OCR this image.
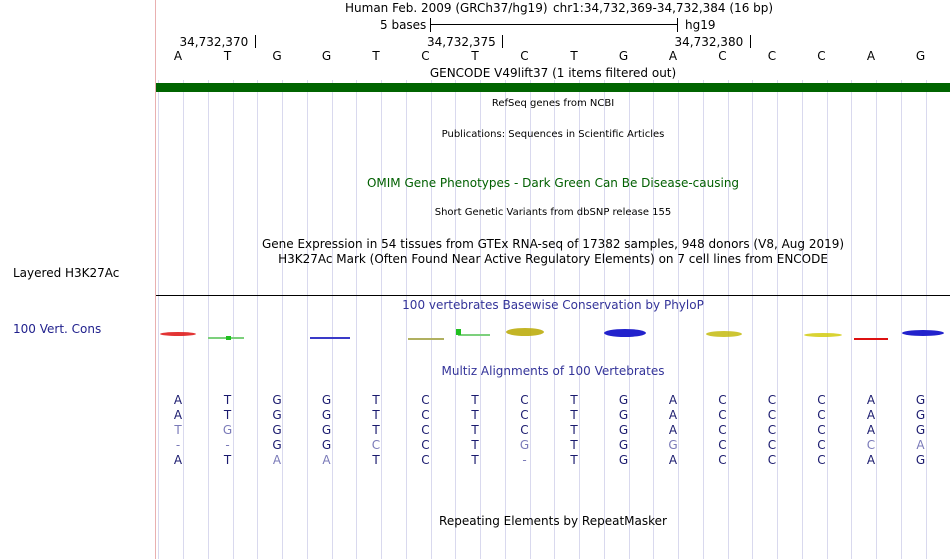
Layered H3K27Ac
100 Vert. Cons
Human Feb. 2009 (GRCh37/hg19) chr1:34,732,369-34,732,384 (16 bp)
5 bases	hg19
34,732,370	34,732,375	34,732,380
A	T	G	G	T	C	T	C	T	G	A	C	C	C	A	G
GENCODE V49lift37 (1 items filtered out)
RefSeq genes from NCBI
Publications: Sequences in Scientific Articles
OMIM Gene Phenotypes - Dark Green Can Be Disease-causing
Short Genetic Variants from dbSNP release 155
Gene Expression in 54 tissues from GTEx RNA-seq of 17382 samples, 948 donors (V8, Aug 2019)
H3K27Ac Mark (Often Found Near Active Regulatory Elements) on 7 cell lines from ENCODE
100 vertebrates Basewise Conservation by PhyloP
Multiz Alignments of 100 Vertebrates
A	T	G	G	T	C	T	C	T	G	A	C	C	C	A	G
A	T	G	G	T	C	T	C	T	G	A	C	C	C	A	G
T	G	G	G	T	C	T	C	T	G	A	C	C	C	A	G
-	-	G	G	C	C	T	G	T	G	G	C	C	C	C	A
A	T	A	A	T	C	T	-	T	G	A	C	C	C	A	G
Repeating Elements by RepeatMasker
